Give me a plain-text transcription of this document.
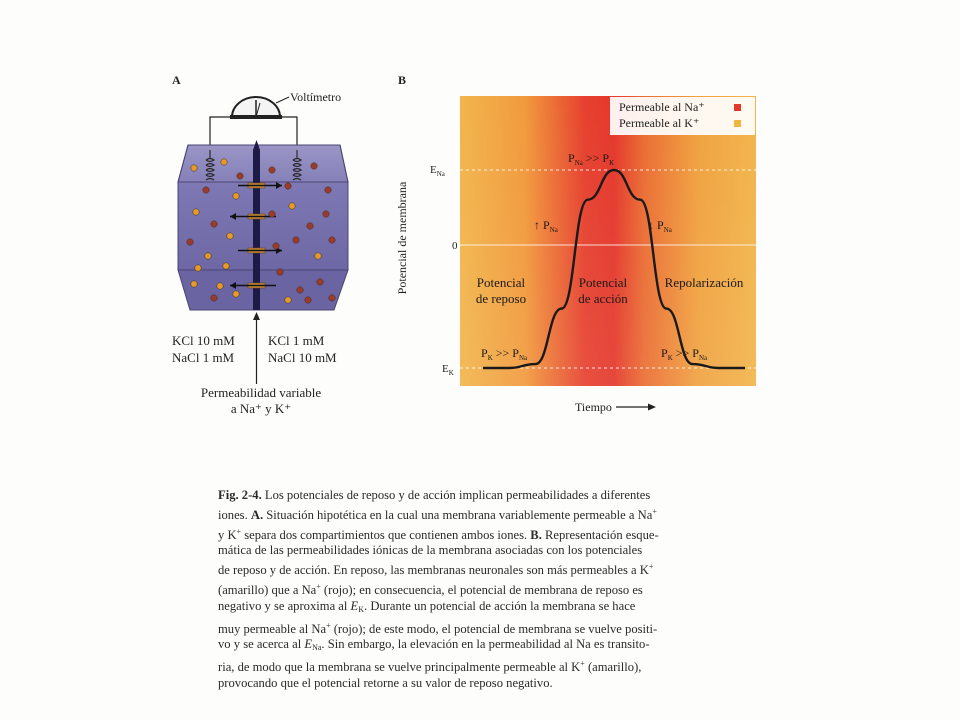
A
Voltímetro
KCl 10 mM
NaCl 1 mM
KCl 1 mM
NaCl 10 mM
Permeabilidad variable
a Na⁺ y K⁺
B
Permeable al Na⁺
Permeable al K⁺
Potencial de membrana
$E_{Na}$
0
$E_K$
$P_{Na} >> P_K$
$P_K >> P_{Na}$	$P_K >> P_{Na}$
↑ $P_{Na}$	↓ $P_{Na}$
Potencial
de reposo
Potencial
de acción
Repolarización
Tiempo
Fig. 2-4. Los potenciales de reposo y de acción implican permeabilidades a diferentes
iones. A. Situación hipotética en la cual una membrana variablemente permeable a Na+
y K+ separa dos compartimientos que contienen ambos iones. B. Representación esque-
mática de las permeabilidades iónicas de la membrana asociadas con los potenciales
de reposo y de acción. En reposo, las membranas neuronales son más permeables a K+
(amarillo) que a Na+ (rojo); en consecuencia, el potencial de membrana de reposo es
negativo y se aproxima al $E_K$. Durante un potencial de acción la membrana se hace
muy permeable al Na+ (rojo); de este modo, el potencial de membrana se vuelve positi-
vo y se acerca al $E_{Na}$. Sin embargo, la elevación en la permeabilidad al Na es transito-
ria, de modo que la membrana se vuelve principalmente permeable al K+ (amarillo),
provocando que el potencial retorne a su valor de reposo negativo.
